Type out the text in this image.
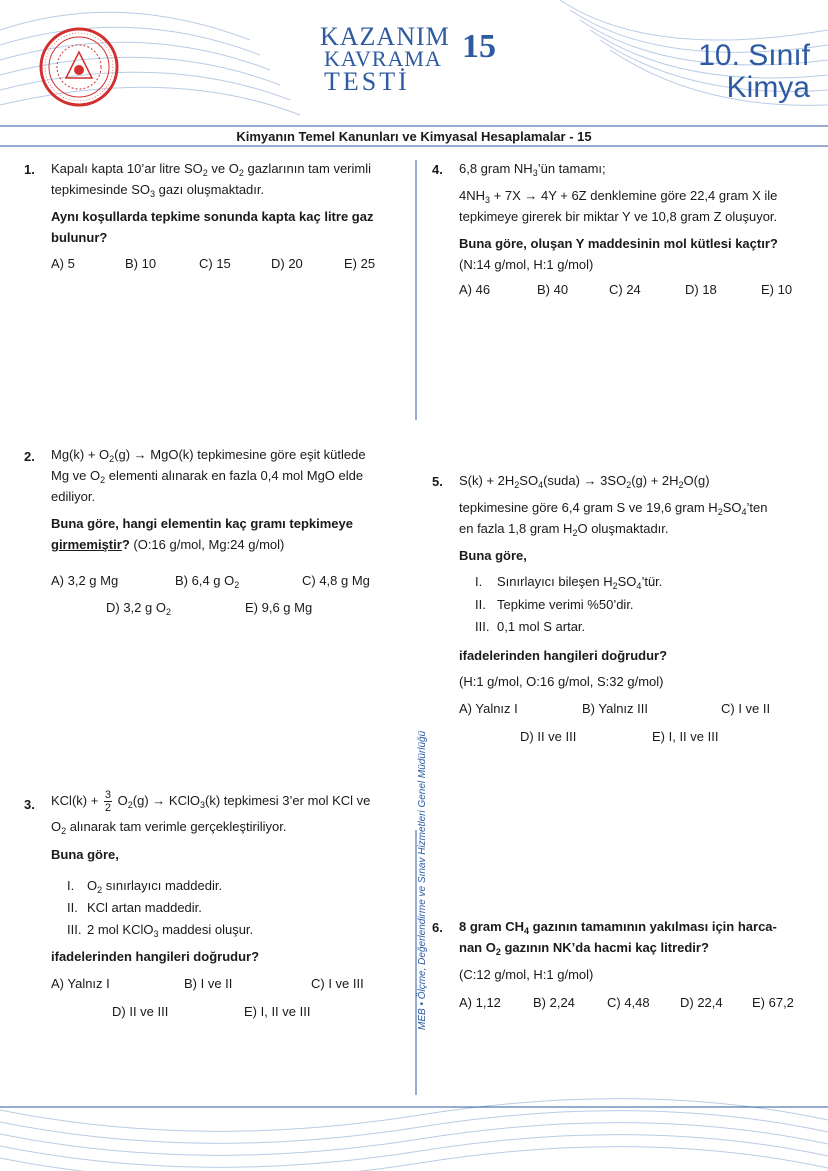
KAZANIM
KAVRAMA
TESTİ
15	10. Sınıf
Kimya
Kimyanın Temel Kanunları ve Kimyasal Hesaplamalar - 15
MEB • Ölçme, Değerlendirme ve Sınav Hizmetleri Genel Müdürlüğü
1. Kapalı kapta 10’ar litre $SO_2$ ve $O_2$ gazlarının tam verimli
tepkimesinde $SO_3$ gazı oluşmaktadır.
Aynı koşullarda tepkime sonunda kapta kaç litre gaz
bulunur?
A) 5	B) 10	C) 15	D) 20	E) 25
2. $Mg(k) + O_2(g) \to MgO(k)$ tepkimesine göre eşit kütlede
Mg ve $O_2$ elementi alınarak en fazla 0,4 mol MgO elde
ediliyor.
Buna göre, hangi elementin kaç gramı tepkimeye
girmemiştir? (O:16 g/mol, Mg:24 g/mol)
A) 3,2 g Mg	B) 6,4 g $O_2$	C) 4,8 g Mg
D) 3,2 g $O_2$	E) 9,6 g Mg
3. $KCl(k) + \frac{3}{2} O_2(g)$ → KClO$_3$(k) tepkimesi 3’er mol KCl ve
$O_2$ alınarak tam verimle gerçekleştiriliyor.
Buna göre,
I. $O_2$ sınırlayıcı maddedir.
II. KCl artan maddedir.
III. 2 mol KClO$_3$ maddesi oluşur.
ifadelerinden hangileri doğrudur?
A) Yalnız I	B) I ve II	C) I ve III
D) II ve III	E) I, II ve III
4. 6,8 gram $NH_3’ün$ tamamı;
$4NH_3 + 7X \to 4Y + 6Z$ denklemine göre 22,4 gram X ile
tepkimeye girerek bir miktar Y ve 10,8 gram Z oluşuyor.
Buna göre, oluşan Y maddesinin mol kütlesi kaçtır?
(N:14 g/mol, H:1 g/mol)
A) 46	B) 40	C) 24	D) 18	E) 10
5. $S(k) + 2H_2SO_4(suda) \to 3SO_2(g) + 2H_2O(g)$
tepkimesine göre 6,4 gram S ve 19,6 gram $H_2SO_4’ten$
en fazla 1,8 gram $H_2O$ oluşmaktadır.
Buna göre,
I. Sınırlayıcı bileşen $H_2SO_4’tür$.
II. Tepkime verimi %50’dir.
III. 0,1 mol S artar.
ifadelerinden hangileri doğrudur?
(H:1 g/mol, O:16 g/mol, S:32 g/mol)
A) Yalnız I	B) Yalnız III	C) I ve II
D) II ve III	E) I, II ve III
6. 8 gram $CH_4$ gazının tamamının yakılması için harca-
nan $O_2$ gazının NK’da hacmi kaç litredir?
(C:12 g/mol, H:1 g/mol)
A) 1,12 B) 2,24 C) 4,48 D) 22,4 E) 67,2
